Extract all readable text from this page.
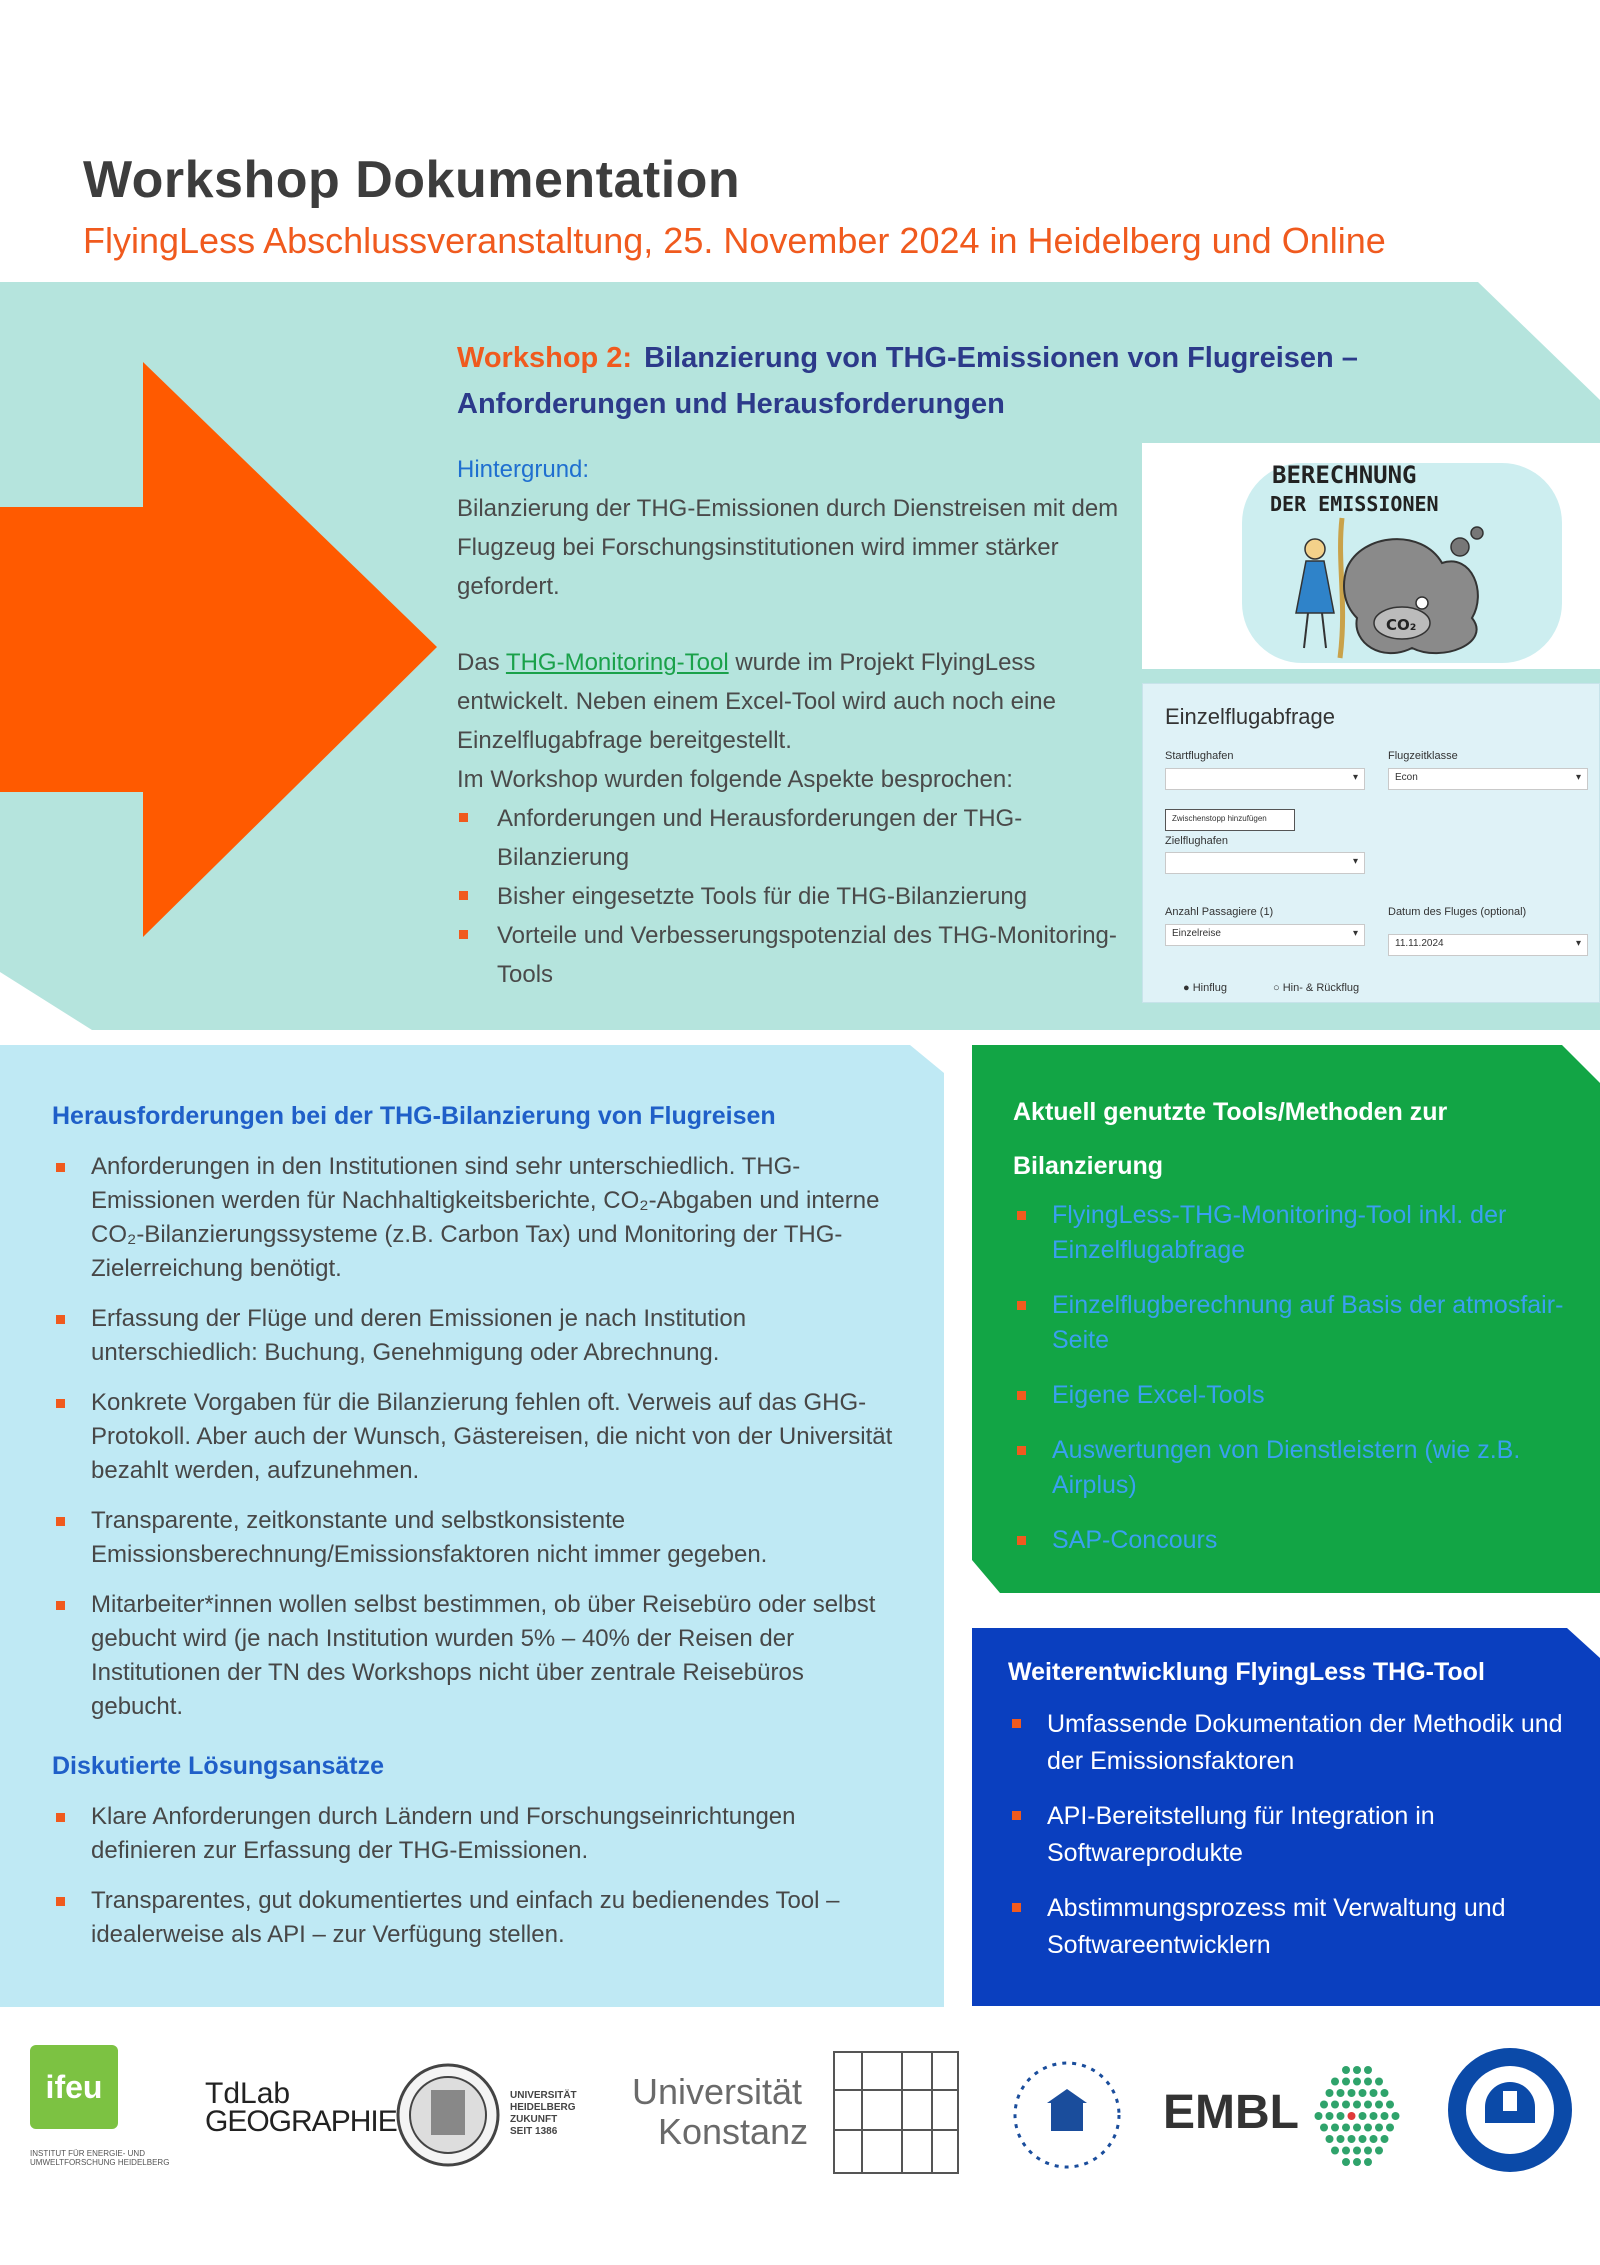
Workshop Dokumentation
FlyingLess Abschlussveranstaltung, 25. November 2024 in Heidelberg und Online
Workshop 2: Bilanzierung von THG-Emissionen von Flugreisen –
Anforderungen und Herausforderungen
Hintergrund:
Bilanzierung der THG-Emissionen durch Dienstreisen mit dem Flugzeug bei Forschungsinstitutionen wird immer stärker gefordert.
Das THG-Monitoring-Tool wurde im Projekt FlyingLess entwickelt. Neben einem Excel-Tool wird auch noch eine Einzelflugabfrage bereitgestellt.
Im Workshop wurden folgende Aspekte besprochen:
Anforderungen und Herausforderungen der THG-Bilanzierung
Bisher eingesetzte Tools für die THG-Bilanzierung
Vorteile und Verbesserungspotenzial des THG-Monitoring-Tools
BERECHNUNG
DER EMISSIONEN
CO₂
Einzelflugabfrage
Startflughafen
▾	Flugzeitklasse
Econ ▾
Zwischenstopp hinzufügen
Zielflughafen
▾
Anzahl Passagiere (1)
Einzelreise ▾
Datum des Fluges (optional)
11.11.2024 ▾
● Hinflug	○ Hin- & Rückflug
Herausforderungen bei der THG-Bilanzierung von Flugreisen
Anforderungen in den Institutionen sind sehr unterschiedlich. THG-Emissionen werden für Nachhaltigkeitsberichte, CO₂-Abgaben und interne CO₂-Bilanzierungssysteme (z.B. Carbon Tax) und Monitoring der THG-Zielerreichung benötigt.
Erfassung der Flüge und deren Emissionen je nach Institution unterschiedlich: Buchung, Genehmigung oder Abrechnung.
Konkrete Vorgaben für die Bilanzierung fehlen oft. Verweis auf das GHG-Protokoll. Aber auch der Wunsch, Gästereisen, die nicht von der Universität bezahlt werden, aufzunehmen.
Transparente, zeitkonstante und selbstkonsistente Emissionsberechnung/Emissionsfaktoren nicht immer gegeben.
Mitarbeiter*innen wollen selbst bestimmen, ob über Reisebüro oder selbst gebucht wird (je nach Institution wurden 5% – 40% der Reisen der Institutionen der TN des Workshops nicht über zentrale Reisebüros gebucht.
Diskutierte Lösungsansätze
Klare Anforderungen durch Ländern und Forschungseinrichtungen definieren zur Erfassung der THG-Emissionen.
Transparentes, gut dokumentiertes und einfach zu bedienendes Tool – idealerweise als API – zur Verfügung stellen.
Aktuell genutzte Tools/Methoden zur
Bilanzierung
FlyingLess-THG-Monitoring-Tool inkl. der Einzelflugabfrage
Einzelflugberechnung auf Basis der atmosfair-Seite
Eigene Excel-Tools
Auswertungen von Dienstleistern (wie z.B. Airplus)
SAP-Concours
Weiterentwicklung FlyingLess THG-Tool
Umfassende Dokumentation der Methodik und der Emissionsfaktoren
API-Bereitstellung für Integration in Softwareprodukte
Abstimmungsprozess mit Verwaltung und Softwareentwicklern
ifeu
INSTITUT FÜR ENERGIE- UND UMWELTFORSCHUNG HEIDELBERG
TdLab
GEOGRAPHIE
UNIVERSITÄT
HEIDELBERG
ZUKUNFT
SEIT 1386
Universität
Konstanz	EMBL
